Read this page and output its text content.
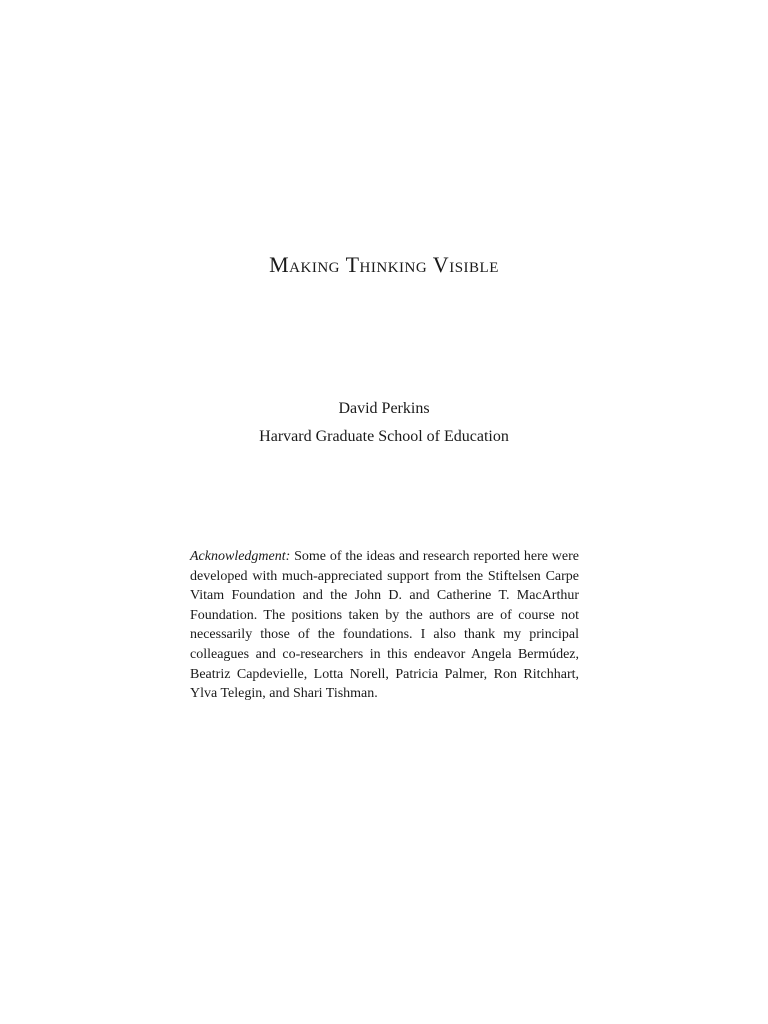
Making Thinking Visible
David Perkins
Harvard Graduate School of Education

Acknowledgment: Some of the ideas and research reported here were developed with much-appreciated support from the Stiftelsen Carpe Vitam Foundation and the John D. and Catherine T. MacArthur Foundation. The positions taken by the authors are of course not necessarily those of the foundations. I also thank my principal colleagues and co-researchers in this endeavor Angela Bermúdez, Beatriz Capdevielle, Lotta Norell, Patricia Palmer, Ron Ritchhart, Ylva Telegin, and Shari Tishman.
